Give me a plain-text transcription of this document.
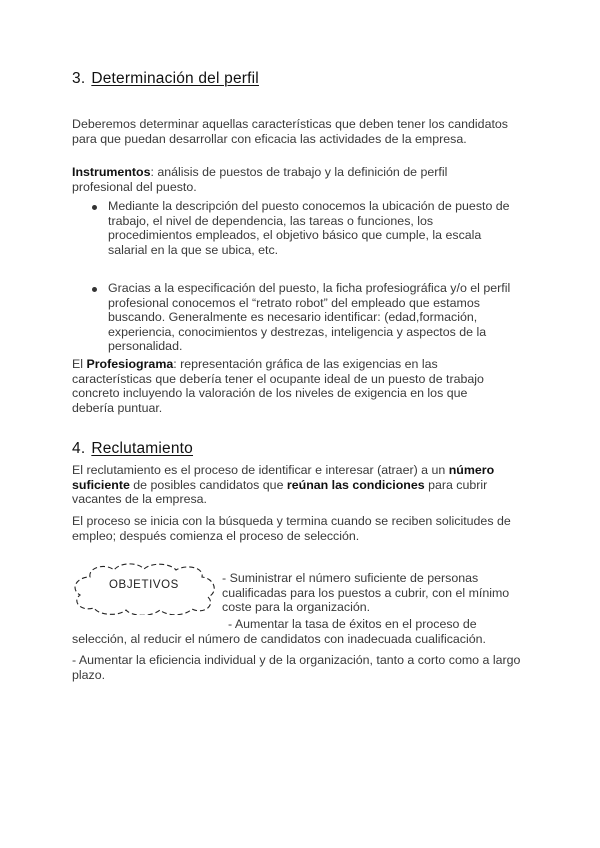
3. Determinación del perfil

Deberemos determinar aquellas características que deben tener los candidatos para que puedan desarrollar con eficacia las actividades de la empresa.

Instrumentos: análisis de puestos de trabajo y la definición de perfil profesional del puesto.

Mediante la descripción del puesto conocemos la ubicación de puesto de trabajo, el nivel de dependencia, las tareas o funciones, los procedimientos empleados, el objetivo básico que cumple, la escala salarial en la que se ubica, etc.
Gracias a la especificación del puesto, la ficha profesiográfica y/o el perfil profesional conocemos el “retrato robot” del empleado que estamos buscando. Generalmente es necesario identificar: (edad,formación, experiencia, conocimientos y destrezas, inteligencia y aspectos de la personalidad.

El Profesiograma: representación gráfica de las exigencias en las características que debería tener el ocupante ideal de un puesto de trabajo concreto incluyendo la valoración de los niveles de exigencia en los que debería puntuar.

4. Reclutamiento

El reclutamiento es el proceso de identificar e interesar (atraer) a un número suficiente de posibles candidatos que reúnan las condiciones para cubrir vacantes de la empresa.

El proceso se inicia con la búsqueda y termina cuando se reciben solicitudes de empleo; después comienza el proceso de selección.

OBJETIVOS	- Suministrar el número suficiente de personas cualificadas para los puestos a cubrir, con el mínimo coste para la organización.

- Aumentar la tasa de éxitos en el proceso de

selección, al reducir el número de candidatos con inadecuada cualificación.

- Aumentar la eficiencia individual y de la organización, tanto a corto como a largo plazo.
